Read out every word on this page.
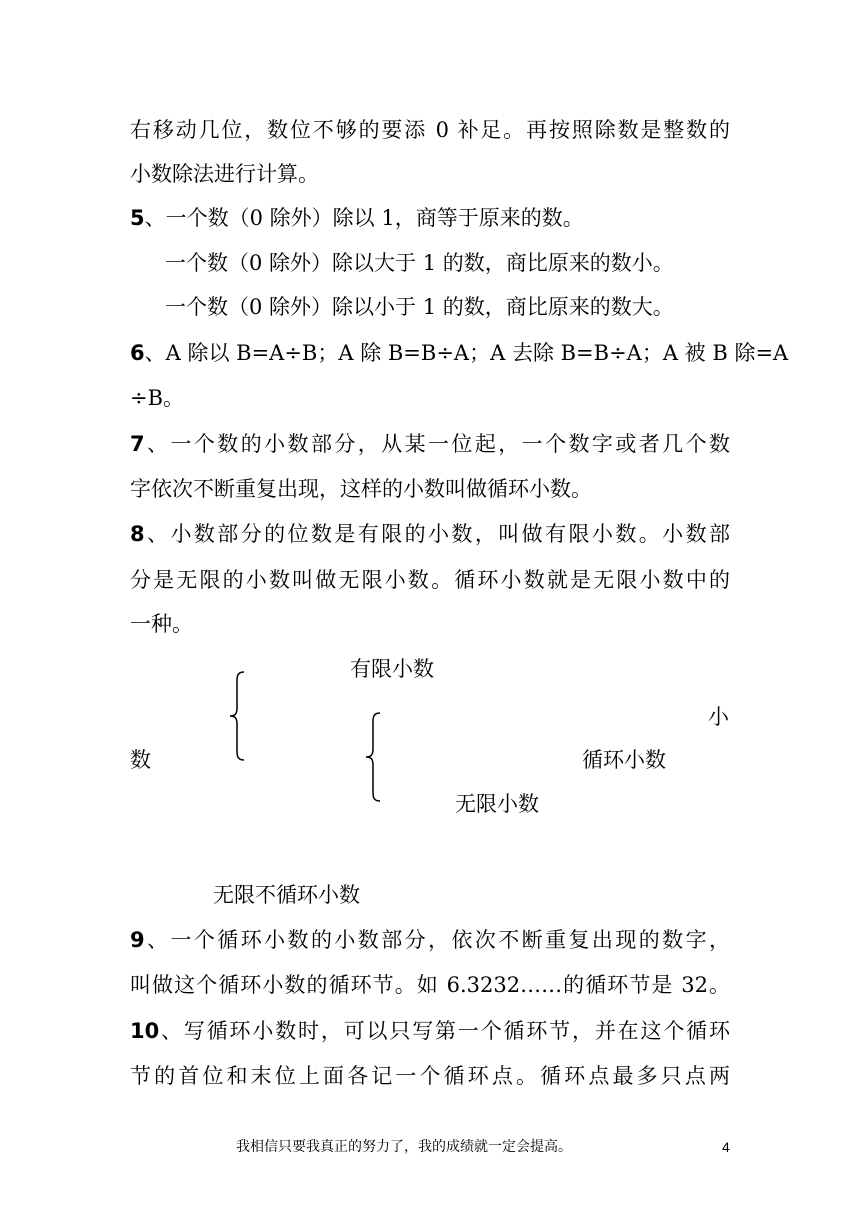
右移动几位，数位不够的要添 0 补足。再按照除数是整数的
小数除法进行计算。
5、一个数（0 除外）除以 1，商等于原来的数。
一个数（0 除外）除以大于 1 的数，商比原来的数小。
一个数（0 除外）除以小于 1 的数，商比原来的数大。
6、A 除以 B=A÷B；A 除 B=B÷A；A 去除 B=B÷A；A 被 B 除=A
÷B。
7、一个数的小数部分，从某一位起，一个数字或者几个数
字依次不断重复出现，这样的小数叫做循环小数。
8、小数部分的位数是有限的小数，叫做有限小数。小数部
分是无限的小数叫做无限小数。循环小数就是无限小数中的
一种。
有限小数
小
数	循环小数
无限小数
无限不循环小数
9、一个循环小数的小数部分，依次不断重复出现的数字，
叫做这个循环小数的循环节。如 6.3232……的循环节是 32。
10、写循环小数时，可以只写第一个循环节，并在这个循环
节的首位和末位上面各记一个循环点。循环点最多只点两
我相信只要我真正的努力了，我的成绩就一定会提高。	4
